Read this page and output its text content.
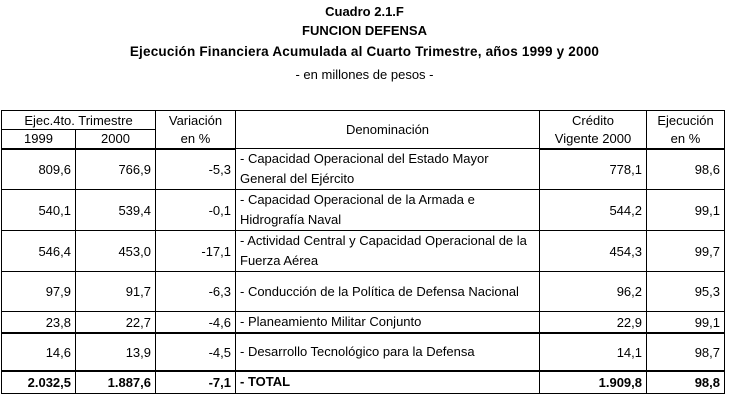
Cuadro 2.1.F
FUNCION DEFENSA
Ejecución Financiera Acumulada al Cuarto Trimestre, años 1999 y 2000
- en millones de pesos -
Ejec.4to. Trimestre		Variación	Denominación	Crédito	Ejecución
1999	2000	en %		Vigente 2000	en %
809,6	766,9	-5,3	- Capacidad Operacional del Estado Mayor General del Ejército	778,1	98,6
540,1	539,4	-0,1	- Capacidad Operacional de la Armada e Hidrografía Naval	544,2	99,1
546,4	453,0	-17,1	- Actividad Central y Capacidad Operacional de la Fuerza Aérea	454,3	99,7
97,9	91,7	-6,3	- Conducción de la Política de Defensa Nacional	96,2	95,3
23,8	22,7	-4,6	- Planeamiento Militar Conjunto	22,9	99,1
14,6	13,9	-4,5	- Desarrollo Tecnológico para la Defensa	14,1	98,7
2.032,5	1.887,6	-7,1	- TOTAL	1.909,8	98,8
